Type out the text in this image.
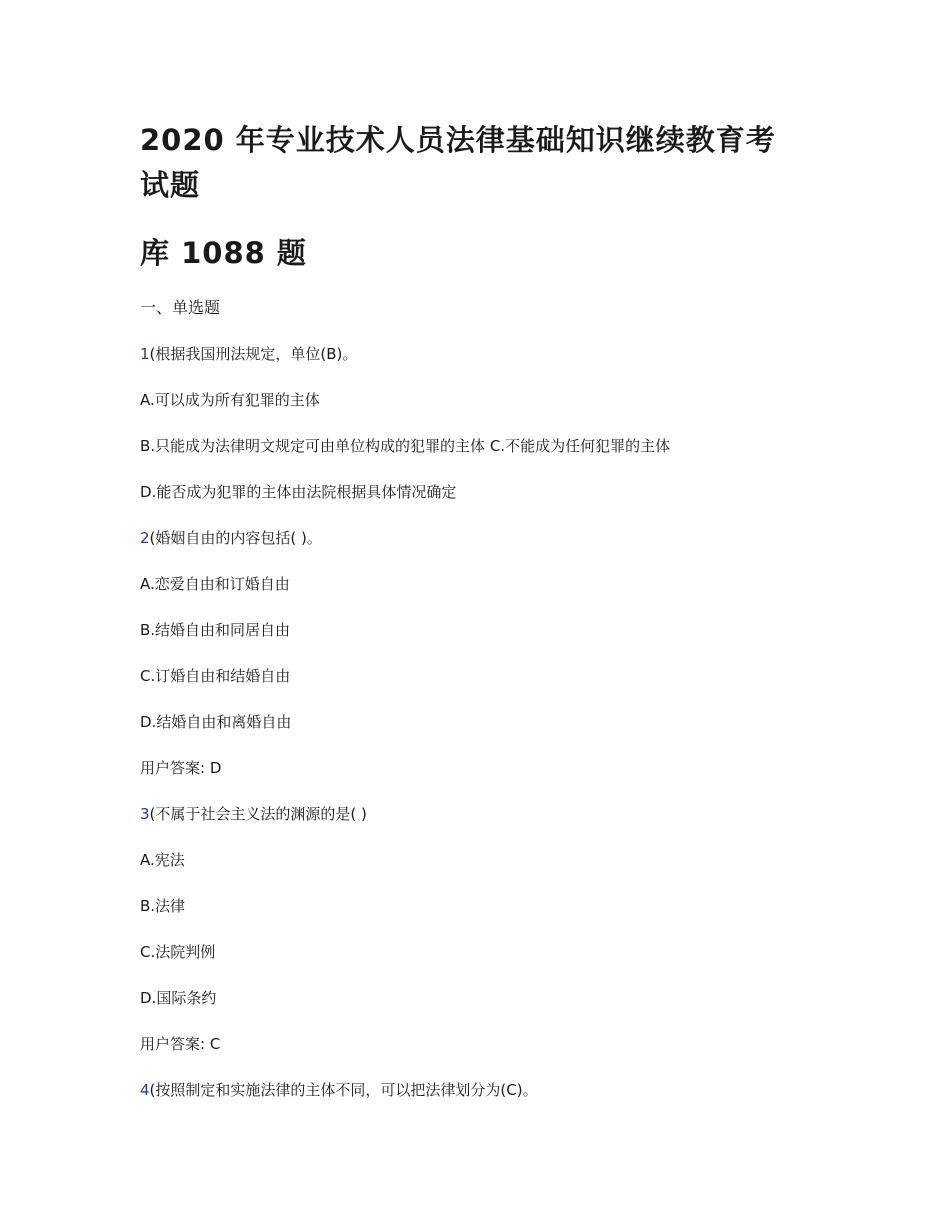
2020 年专业技术人员法律基础知识继续教育考
试题
库 1088 题
一、单选题
1(根据我国刑法规定，单位(B)。
A.可以成为所有犯罪的主体
B.只能成为法律明文规定可由单位构成的犯罪的主体 C.不能成为任何犯罪的主体
D.能否成为犯罪的主体由法院根据具体情况确定
2(婚姻自由的内容包括( )。
A.恋爱自由和订婚自由
B.结婚自由和同居自由
C.订婚自由和结婚自由
D.结婚自由和离婚自由
用户答案: D
3(不属于社会主义法的渊源的是( )
A.宪法
B.法律
C.法院判例
D.国际条约
用户答案: C
4(按照制定和实施法律的主体不同，可以把法律划分为(C)。
